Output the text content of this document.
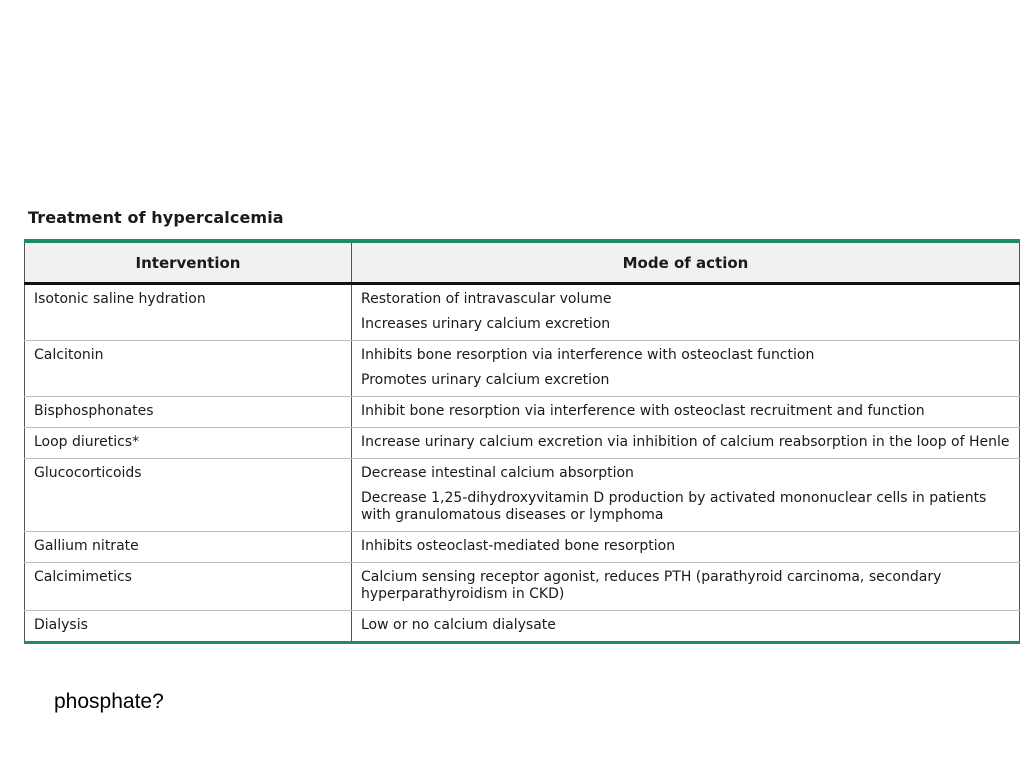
Treatment of hypercalcemia
Intervention	Mode of action
Isotonic saline hydration	Restoration of intravascular volume
Increases urinary calcium excretion

Calcitonin	Inhibits bone resorption via interference with osteoclast function
Promotes urinary calcium excretion

Bisphosphonates	Inhibit bone resorption via interference with osteoclast recruitment and function

Loop diuretics*	Increase urinary calcium excretion via inhibition of calcium reabsorption in the loop of Henle

Glucocorticoids	Decrease intestinal calcium absorption
Decrease 1,25-dihydroxyvitamin D production by activated mononuclear cells in patients with granulomatous diseases or lymphoma

Gallium nitrate	Inhibits osteoclast-mediated bone resorption

Calcimimetics	Calcium sensing receptor agonist, reduces PTH (parathyroid carcinoma, secondary hyperparathyroidism in CKD)

Dialysis	Low or no calcium dialysate
phosphate?
